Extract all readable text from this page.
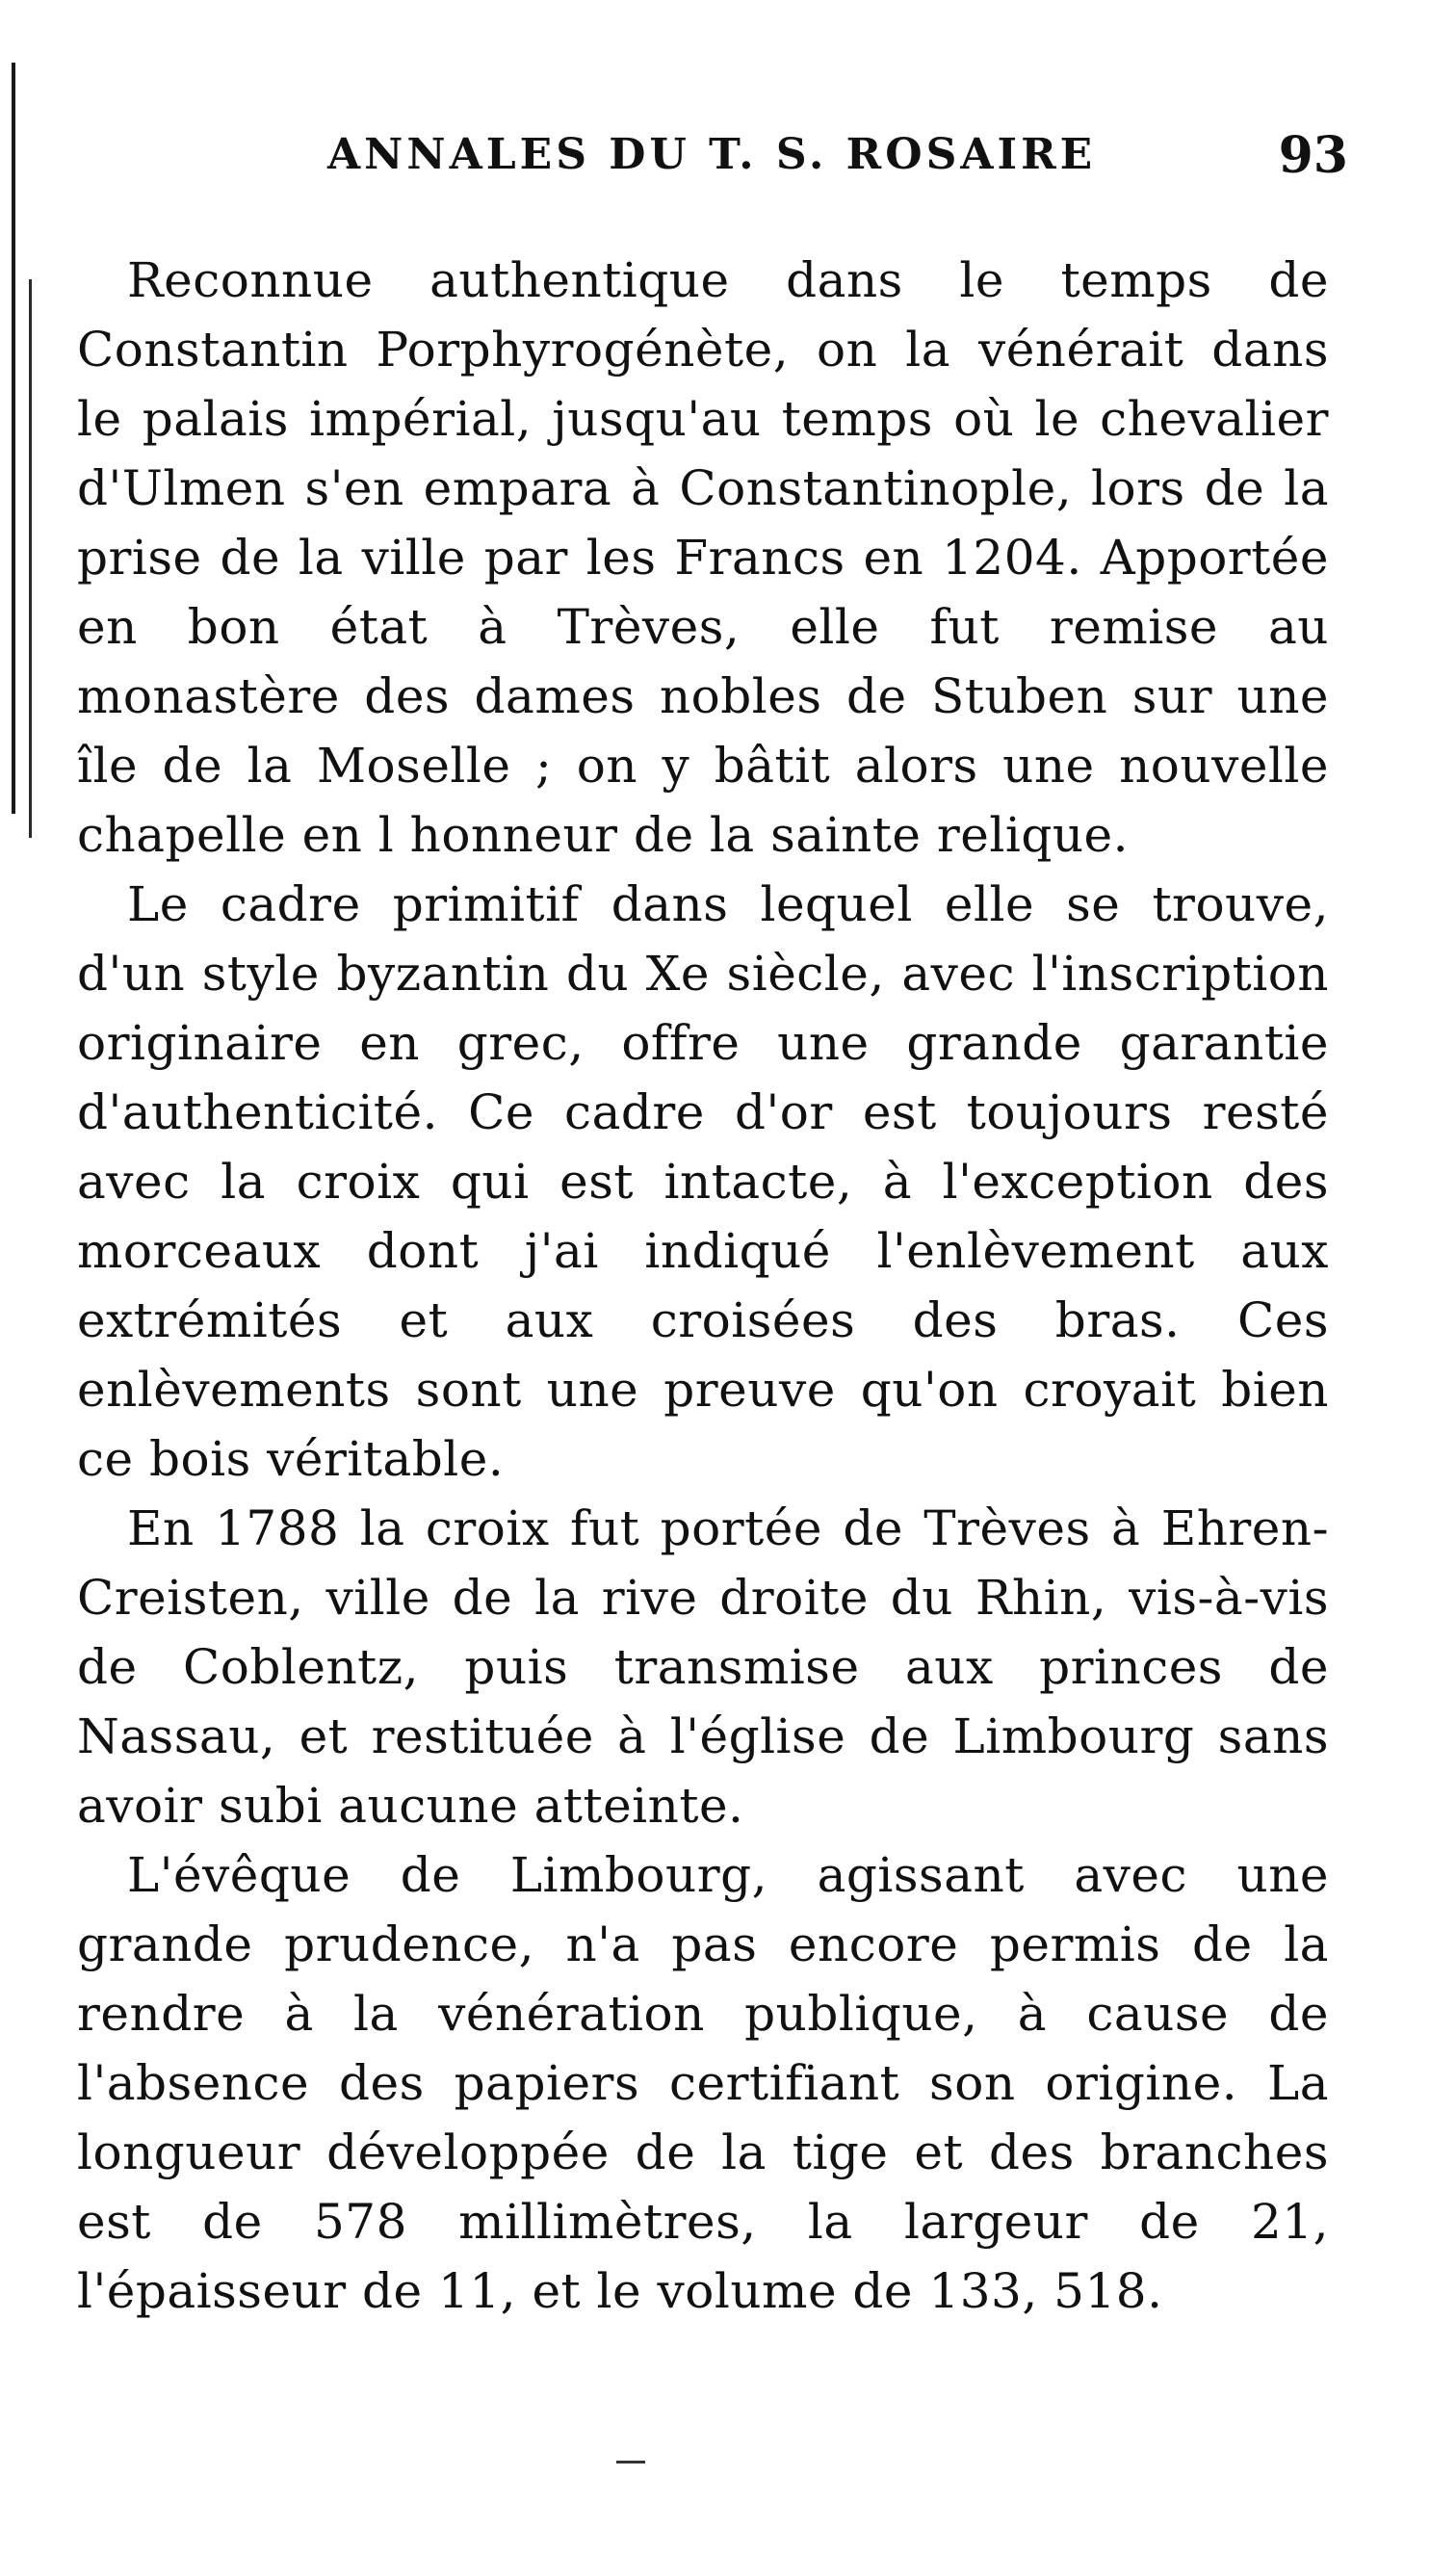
ANNALES DU T. S. ROSAIRE	93

Reconnue authentique dans le temps de Constantin Porphyrogénète, on la vénérait dans le palais impérial, jusqu'au temps où le chevalier d'Ulmen s'en empara à Constantinople, lors de la prise de la ville par les Francs en 1204. Apportée en bon état à Trèves, elle fut remise au monastère des dames nobles de Stuben sur une île de la Moselle ; on y bâtit alors une nouvelle chapelle en l honneur de la sainte relique.

Le cadre primitif dans lequel elle se trouve, d'un style byzantin du Xe siècle, avec l'inscription originaire en grec, offre une grande garantie d'authenticité. Ce cadre d'or est toujours resté avec la croix qui est intacte, à l'exception des morceaux dont j'ai indiqué l'enlèvement aux extrémités et aux croisées des bras. Ces enlèvements sont une preuve qu'on croyait bien ce bois véritable.

En 1788 la croix fut portée de Trèves à Ehren-Creisten, ville de la rive droite du Rhin, vis-à-vis de Coblentz, puis transmise aux princes de Nassau, et restituée à l'église de Limbourg sans avoir subi aucune atteinte.

L'évêque de Limbourg, agissant avec une grande prudence, n'a pas encore permis de la rendre à la vénération publique, à cause de l'absence des papiers certifiant son origine. La longueur développée de la tige et des branches est de 578 millimètres, la largeur de 21, l'épaisseur de 11, et le volume de 133, 518.
